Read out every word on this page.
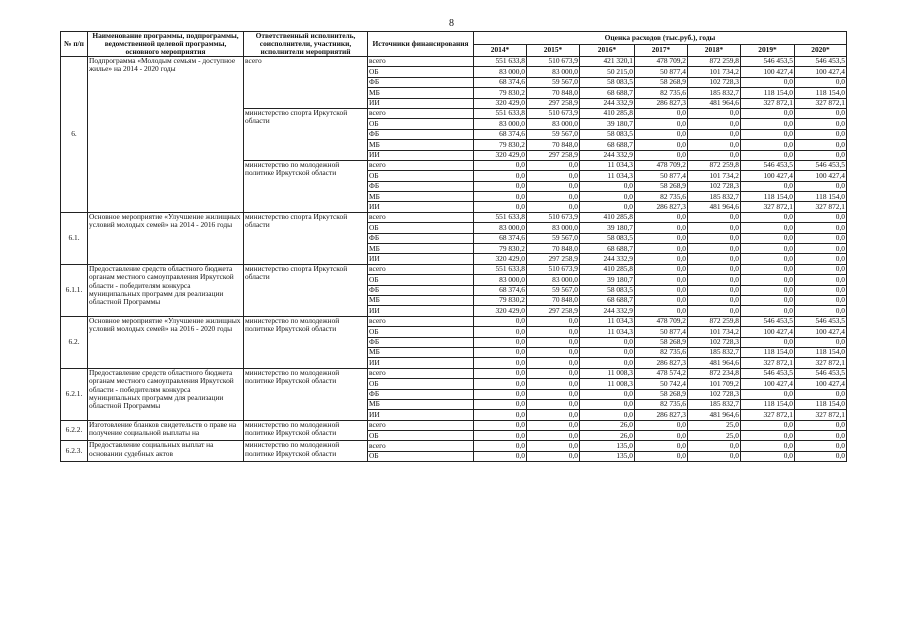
8
№ п/п	Наименование программы, подпрограммы, ведомственной целевой программы, основного мероприятия	Ответственный исполнитель, соисполнители, участники, исполнители мероприятий	Источники финансирования	Оценка расходов (тыс.руб.), годы						
				2014*	2015*	2016*	2017*	2018*	2019*	2020*
6.	Подпрограмма «Молодым семьям - доступное жилье» на 2014 - 2020 годы	всего	всего	551 633,8	510 673,9	421 320,1	478 709,2	872 259,8	546 453,5	546 453,5
			ОБ	83 000,0	83 000,0	50 215,0	50 877,4	101 734,2	100 427,4	100 427,4
			ФБ	68 374,6	59 567,0	58 083,5	58 268,9	102 728,3	0,0	0,0
			МБ	79 830,2	70 848,0	68 688,7	82 735,6	185 832,7	118 154,0	118 154,0
			ИИ	320 429,0	297 258,9	244 332,9	286 827,3	481 964,6	327 872,1	327 872,1
		министерство спорта Иркутской области	всего	551 633,8	510 673,9	410 285,8	0,0	0,0	0,0	0,0
			ОБ	83 000,0	83 000,0	39 180,7	0,0	0,0	0,0	0,0
			ФБ	68 374,6	59 567,0	58 083,5	0,0	0,0	0,0	0,0
			МБ	79 830,2	70 848,0	68 688,7	0,0	0,0	0,0	0,0
			ИИ	320 429,0	297 258,9	244 332,9	0,0	0,0	0,0	0,0
		министерство по молодежной политике Иркутской области	всего	0,0	0,0	11 034,3	478 709,2	872 259,8	546 453,5	546 453,5
			ОБ	0,0	0,0	11 034,3	50 877,4	101 734,2	100 427,4	100 427,4
			ФБ	0,0	0,0	0,0	58 268,9	102 728,3	0,0	0,0
			МБ	0,0	0,0	0,0	82 735,6	185 832,7	118 154,0	118 154,0
			ИИ	0,0	0,0	0,0	286 827,3	481 964,6	327 872,1	327 872,1
6.1.	Основное мероприятие «Улучшение жилищных условий молодых семей» на 2014 - 2016 годы	министерство спорта Иркутской области	всего	551 633,8	510 673,9	410 285,8	0,0	0,0	0,0	0,0
			ОБ	83 000,0	83 000,0	39 180,7	0,0	0,0	0,0	0,0
			ФБ	68 374,6	59 567,0	58 083,5	0,0	0,0	0,0	0,0
			МБ	79 830,2	70 848,0	68 688,7	0,0	0,0	0,0	0,0
			ИИ	320 429,0	297 258,9	244 332,9	0,0	0,0	0,0	0,0
6.1.1.	Предоставление средств областного бюджета органам местного самоуправления Иркутской области - победителям конкурса муниципальных программ для реализации областной Программы	министерство спорта Иркутской области	всего	551 633,8	510 673,9	410 285,8	0,0	0,0	0,0	0,0
			ОБ	83 000,0	83 000,0	39 180,7	0,0	0,0	0,0	0,0
			ФБ	68 374,6	59 567,0	58 083,5	0,0	0,0	0,0	0,0
			МБ	79 830,2	70 848,0	68 688,7	0,0	0,0	0,0	0,0
			ИИ	320 429,0	297 258,9	244 332,9	0,0	0,0	0,0	0,0
6.2.	Основное мероприятие «Улучшение жилищных условий молодых семей» на 2016 - 2020 годы	министерство по молодежной политике Иркутской области	всего	0,0	0,0	11 034,3	478 709,2	872 259,8	546 453,5	546 453,5
			ОБ	0,0	0,0	11 034,3	50 877,4	101 734,2	100 427,4	100 427,4
			ФБ	0,0	0,0	0,0	58 268,9	102 728,3	0,0	0,0
			МБ	0,0	0,0	0,0	82 735,6	185 832,7	118 154,0	118 154,0
			ИИ	0,0	0,0	0,0	286 827,3	481 964,6	327 872,1	327 872,1
6.2.1.	Предоставление средств областного бюджета органам местного самоуправления Иркутской области - победителям конкурса муниципальных программ для реализации областной Программы	министерство по молодежной политике Иркутской области	всего	0,0	0,0	11 008,3	478 574,2	872 234,8	546 453,5	546 453,5
			ОБ	0,0	0,0	11 008,3	50 742,4	101 709,2	100 427,4	100 427,4
			ФБ	0,0	0,0	0,0	58 268,9	102 728,3	0,0	0,0
			МБ	0,0	0,0	0,0	82 735,6	185 832,7	118 154,0	118 154,0
			ИИ	0,0	0,0	0,0	286 827,3	481 964,6	327 872,1	327 872,1
6.2.2.	Изготовление бланков свидетельств о праве на получение социальной выплаты на	министерство по молодежной политике Иркутской области	всего	0,0	0,0	26,0	0,0	25,0	0,0	0,0
			ОБ	0,0	0,0	26,0	0,0	25,0	0,0	0,0
6.2.3.	Предоставление социальных выплат на основании судебных актов	министерство по молодежной политике Иркутской области	всего	0,0	0,0	135,0	0,0	0,0	0,0	0,0
			ОБ	0,0	0,0	135,0	0,0	0,0	0,0	0,0
